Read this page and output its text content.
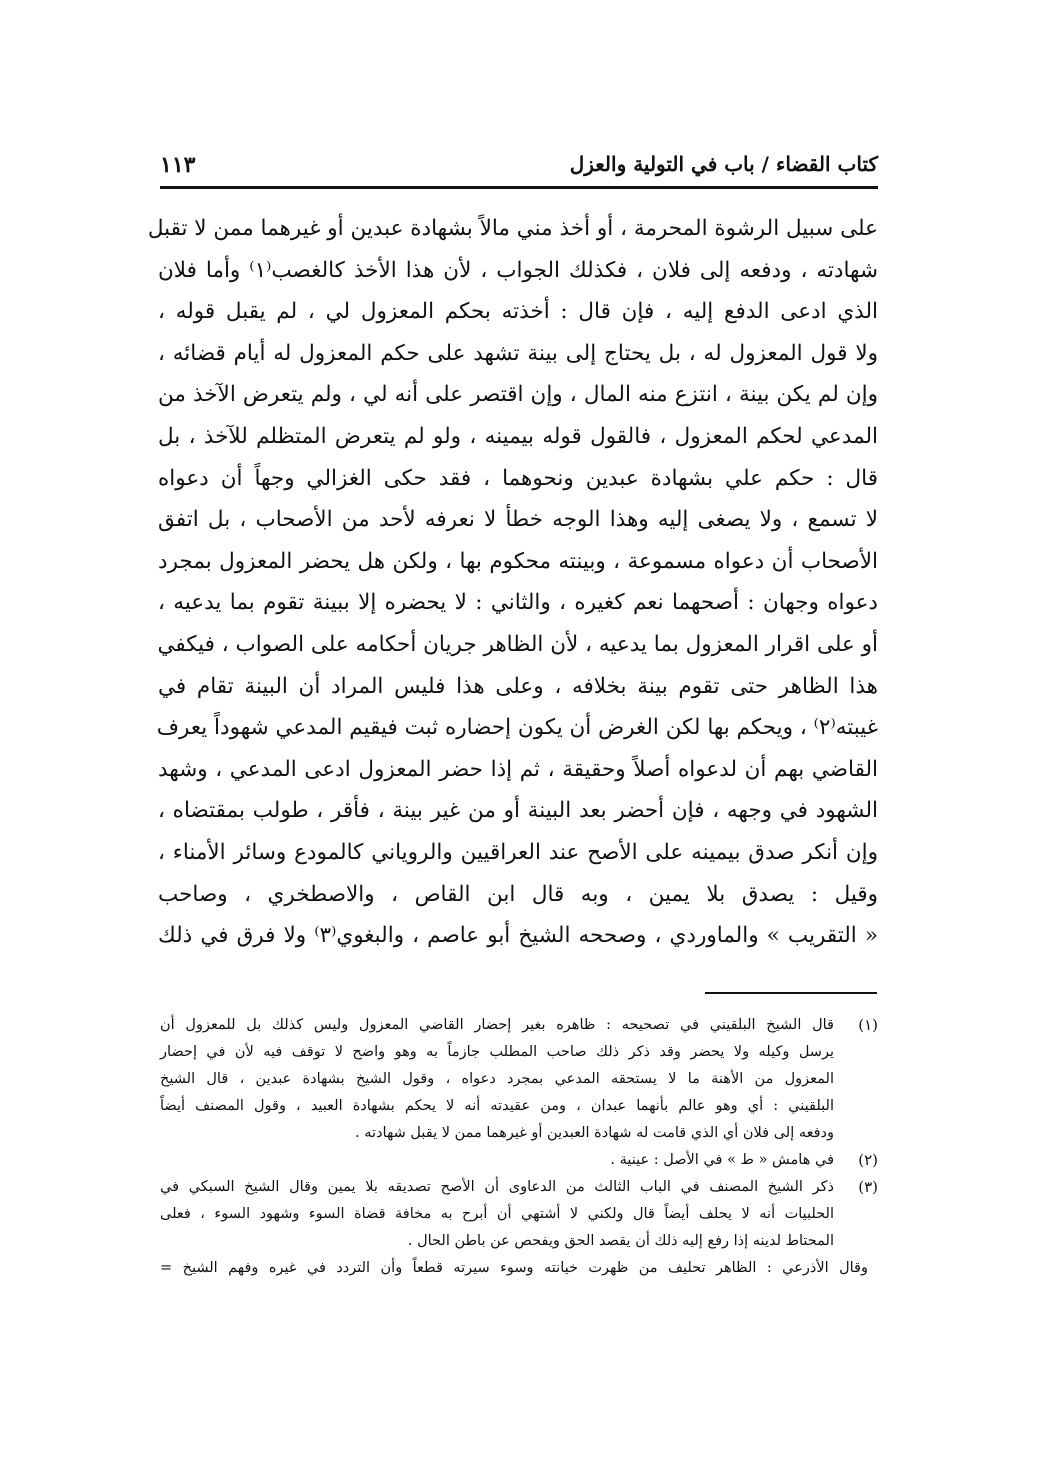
كتاب القضاء / باب في التولية والعزل
١١٣
على سبيل الرشوة المحرمة ، أو أخذ مني مالاً بشهادة عبدين أو غيرهما ممن لا تقبل
شهادته ، ودفعه إلى فلان ، فكذلك الجواب ، لأن هذا الأخذ كالغصب⁽١⁾ وأما فلان
الذي ادعى الدفع إليه ، فإن قال : أخذته بحكم المعزول لي ، لم يقبل قوله ،
ولا قول المعزول له ، بل يحتاج إلى بينة تشهد على حكم المعزول له أيام قضائه ،
وإن لم يكن بينة ، انتزع منه المال ، وإن اقتصر على أنه لي ، ولم يتعرض الآخذ من
المدعي لحكم المعزول ، فالقول قوله بيمينه ، ولو لم يتعرض المتظلم للآخذ ، بل
قال : حكم علي بشهادة عبدين ونحوهما ، فقد حكى الغزالي وجهاً أن دعواه
لا تسمع ، ولا يصغى إليه وهذا الوجه خطأ لا نعرفه لأحد من الأصحاب ، بل اتفق
الأصحاب أن دعواه مسموعة ، وبينته محكوم بها ، ولكن هل يحضر المعزول بمجرد
دعواه وجهان : أصحهما نعم كغيره ، والثاني : لا يحضره إلا ببينة تقوم بما يدعيه ،
أو على اقرار المعزول بما يدعيه ، لأن الظاهر جريان أحكامه على الصواب ، فيكفي
هذا الظاهر حتى تقوم بينة بخلافه ، وعلى هذا فليس المراد أن البينة تقام في
غيبته⁽٢⁾ ، ويحكم بها لكن الغرض أن يكون إحضاره ثبت فيقيم المدعي شهوداً يعرف
القاضي بهم أن لدعواه أصلاً وحقيقة ، ثم إذا حضر المعزول ادعى المدعي ، وشهد
الشهود في وجهه ، فإن أحضر بعد البينة أو من غير بينة ، فأقر ، طولب بمقتضاه ،
وإن أنكر صدق بيمينه على الأصح عند العراقيين والروياني كالمودع وسائر الأمناء ،
وقيل : يصدق بلا يمين ، وبه قال ابن القاص ، والاصطخري ، وصاحب
« التقريب » والماوردي ، وصححه الشيخ أبو عاصم ، والبغوي⁽٣⁾ ولا فرق في ذلك
(١)
قال الشيخ البلقيني في تصحيحه : ظاهره بغير إحضار القاضي المعزول وليس كذلك بل للمعزول أن
يرسل وكيله ولا يحضر وقد ذكر ذلك صاحب المطلب جازماً به وهو واضح لا توقف فيه لأن في إحضار
المعزول من الأهنة ما لا يستحقه المدعي بمجرد دعواه ، وقول الشيخ بشهادة عبدين ، قال الشيخ
البلقيني : أي وهو عالم بأنهما عبدان ، ومن عقيدته أنه لا يحكم بشهادة العبيد ، وقول المصنف أيضاً
ودفعه إلى فلان أي الذي قامت له شهادة العبدين أو غيرهما ممن لا يقبل شهادته .
(٢)
في هامش « ط » في الأصل : عينية .
(٣)
ذكر الشيخ المصنف في الباب الثالث من الدعاوى أن الأصح تصديقه بلا يمين وقال الشيخ السبكي في
الحلبيات أنه لا يحلف أيضاً قال ولكني لا أشتهي أن أبرح به مخافة قضاة السوء وشهود السوء ، فعلى
المحتاط لدينه إذا رفع إليه ذلك أن يقصد الحق ويفحص عن باطن الحال .
وقال الأذرعي : الظاهر تحليف من ظهرت خيانته وسوء سيرته قطعاً وأن التردد في غيره وفهم الشيخ =
